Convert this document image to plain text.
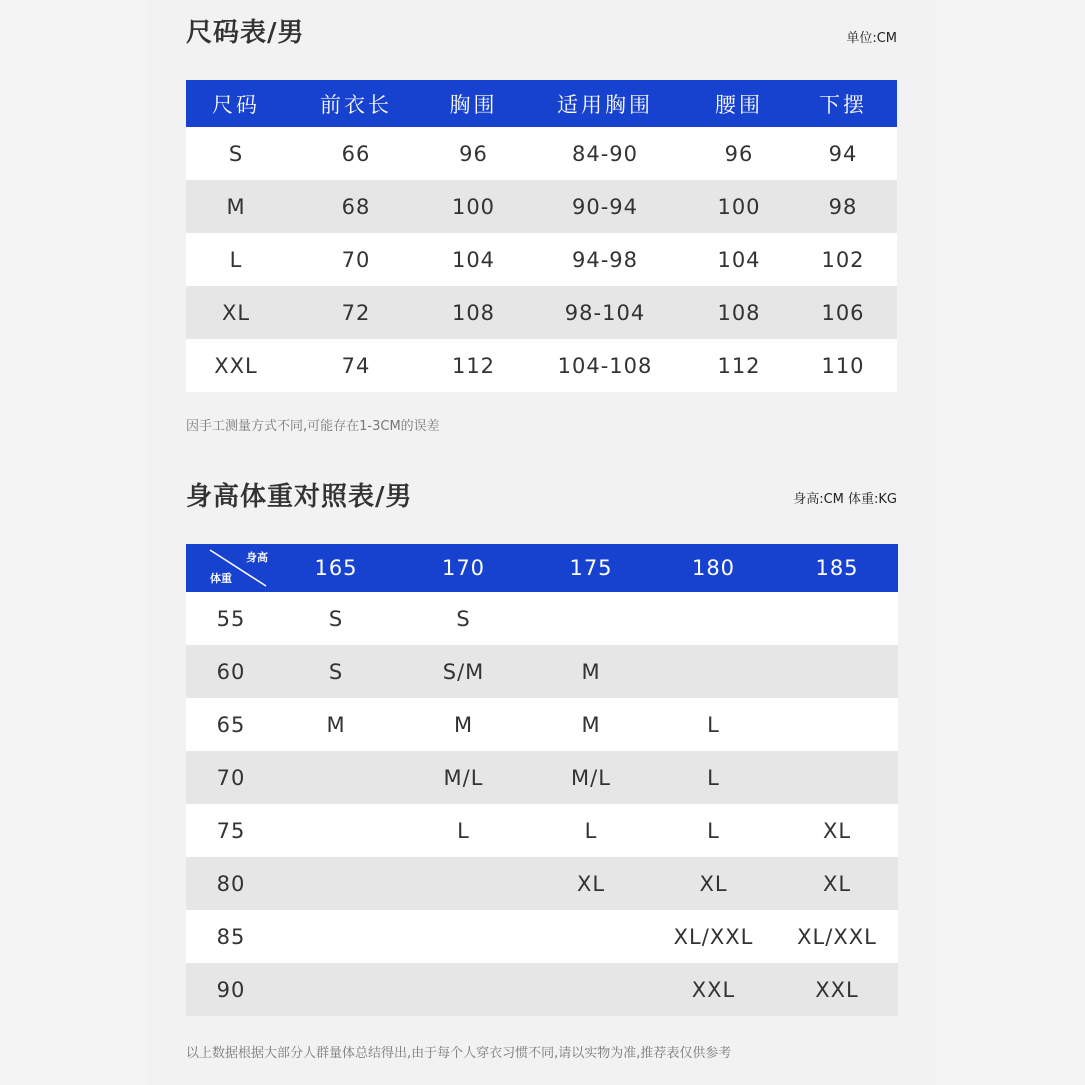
尺码表/男	单位:CM
尺码	前衣长	胸围	适用胸围	腰围	下摆
S	66	96	84-90	96	94
M	68	100	90-94	100	98
L	70	104	94-98	104	102
XL	72	108	98-104	108	106
XXL	74	112	104-108	112	110
因手工测量方式不同,可能存在1-3CM的误差
身高体重对照表/男	身高:CM 体重:KG
身高
体重	165	170	175	180	185
55	S	S			
60	S	S/M	M		
65	M	M	M	L	
70		M/L	M/L	L	
75		L	L	L	XL
80			XL	XL	XL
85				XL/XXL	XL/XXL
90				XXL	XXL
以上数据根据大部分人群量体总结得出,由于每个人穿衣习惯不同,请以实物为准,推荐表仅供参考
